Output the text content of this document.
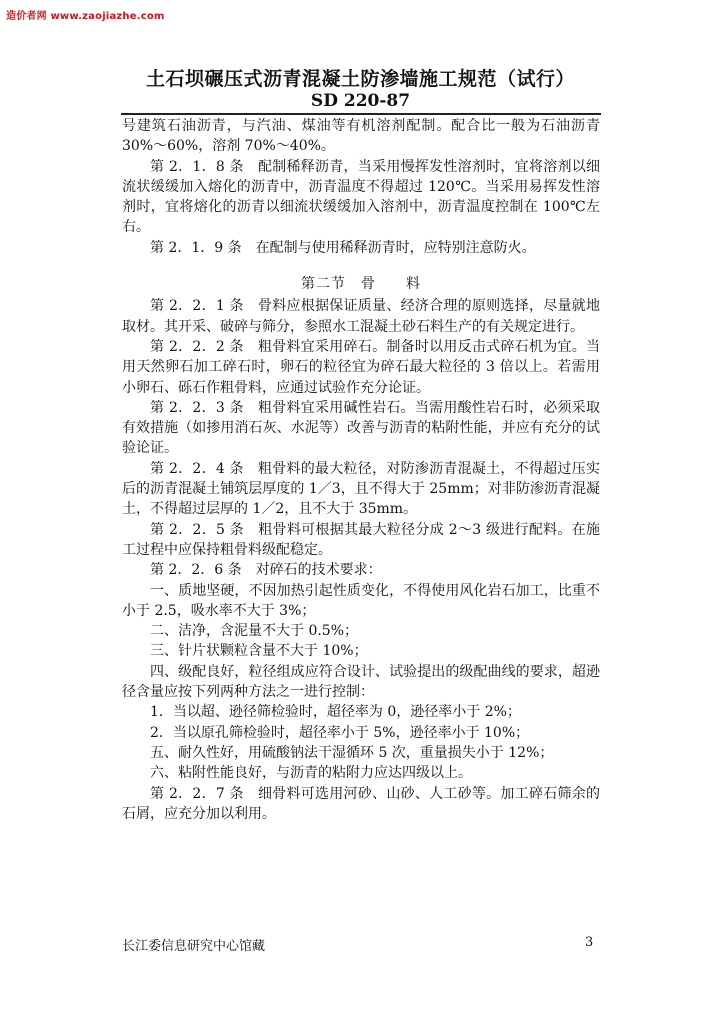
造价者网 www.zaojiazhe.com
土石坝碾压式沥青混凝土防渗墙施工规范（试行）
SD 220-87

号建筑石油沥青，与汽油、煤油等有机溶剂配制。配合比一般为石油沥青 30%～60%，溶剂 70%～40%。

第 2．1．8 条　配制稀释沥青，当采用慢挥发性溶剂时，宜将溶剂以细流状缓缓加入熔化的沥青中，沥青温度不得超过 120℃。当采用易挥发性溶剂时，宜将熔化的沥青以细流状缓缓加入溶剂中，沥青温度控制在 100℃左右。

第 2．1．9 条　在配制与使用稀释沥青时，应特别注意防火。

第二节　骨　　料

第 2．2．1 条　骨料应根据保证质量、经济合理的原则选择，尽量就地取材。其开采、破碎与筛分，参照水工混凝土砂石料生产的有关规定进行。

第 2．2．2 条　粗骨料宜采用碎石。制备时以用反击式碎石机为宜。当用天然卵石加工碎石时，卵石的粒径宜为碎石最大粒径的 3 倍以上。若需用小卵石、砾石作粗骨料，应通过试验作充分论证。

第 2．2．3 条　粗骨料宜采用碱性岩石。当需用酸性岩石时，必须采取有效措施（如掺用消石灰、水泥等）改善与沥青的粘附性能，并应有充分的试验论证。

第 2．2．4 条　粗骨料的最大粒径，对防渗沥青混凝土，不得超过压实后的沥青混凝土铺筑层厚度的 1／3，且不得大于 25mm；对非防渗沥青混凝土，不得超过层厚的 1／2，且不大于 35mm。

第 2．2．5 条　粗骨料可根据其最大粒径分成 2～3 级进行配料。在施工过程中应保持粗骨料级配稳定。

第 2．2．6 条　对碎石的技术要求：

一、质地坚硬，不因加热引起性质变化，不得使用风化岩石加工，比重不小于 2.5，吸水率不大于 3%；

二、洁净，含泥量不大于 0.5%；

三、针片状颗粒含量不大于 10%；

四、级配良好，粒径组成应符合设计、试验提出的级配曲线的要求，超逊径含量应按下列两种方法之一进行控制：

1．当以超、逊径筛检验时，超径率为 0，逊径率小于 2%；

2．当以原孔筛检验时，超径率小于 5%，逊径率小于 10%；

五、耐久性好，用硫酸钠法干湿循环 5 次，重量损失小于 12%；

六、粘附性能良好，与沥青的粘附力应达四级以上。

第 2．2．7 条　细骨料可选用河砂、山砂、人工砂等。加工碎石筛余的石屑，应充分加以利用。

长江委信息研究中心馆藏	3
